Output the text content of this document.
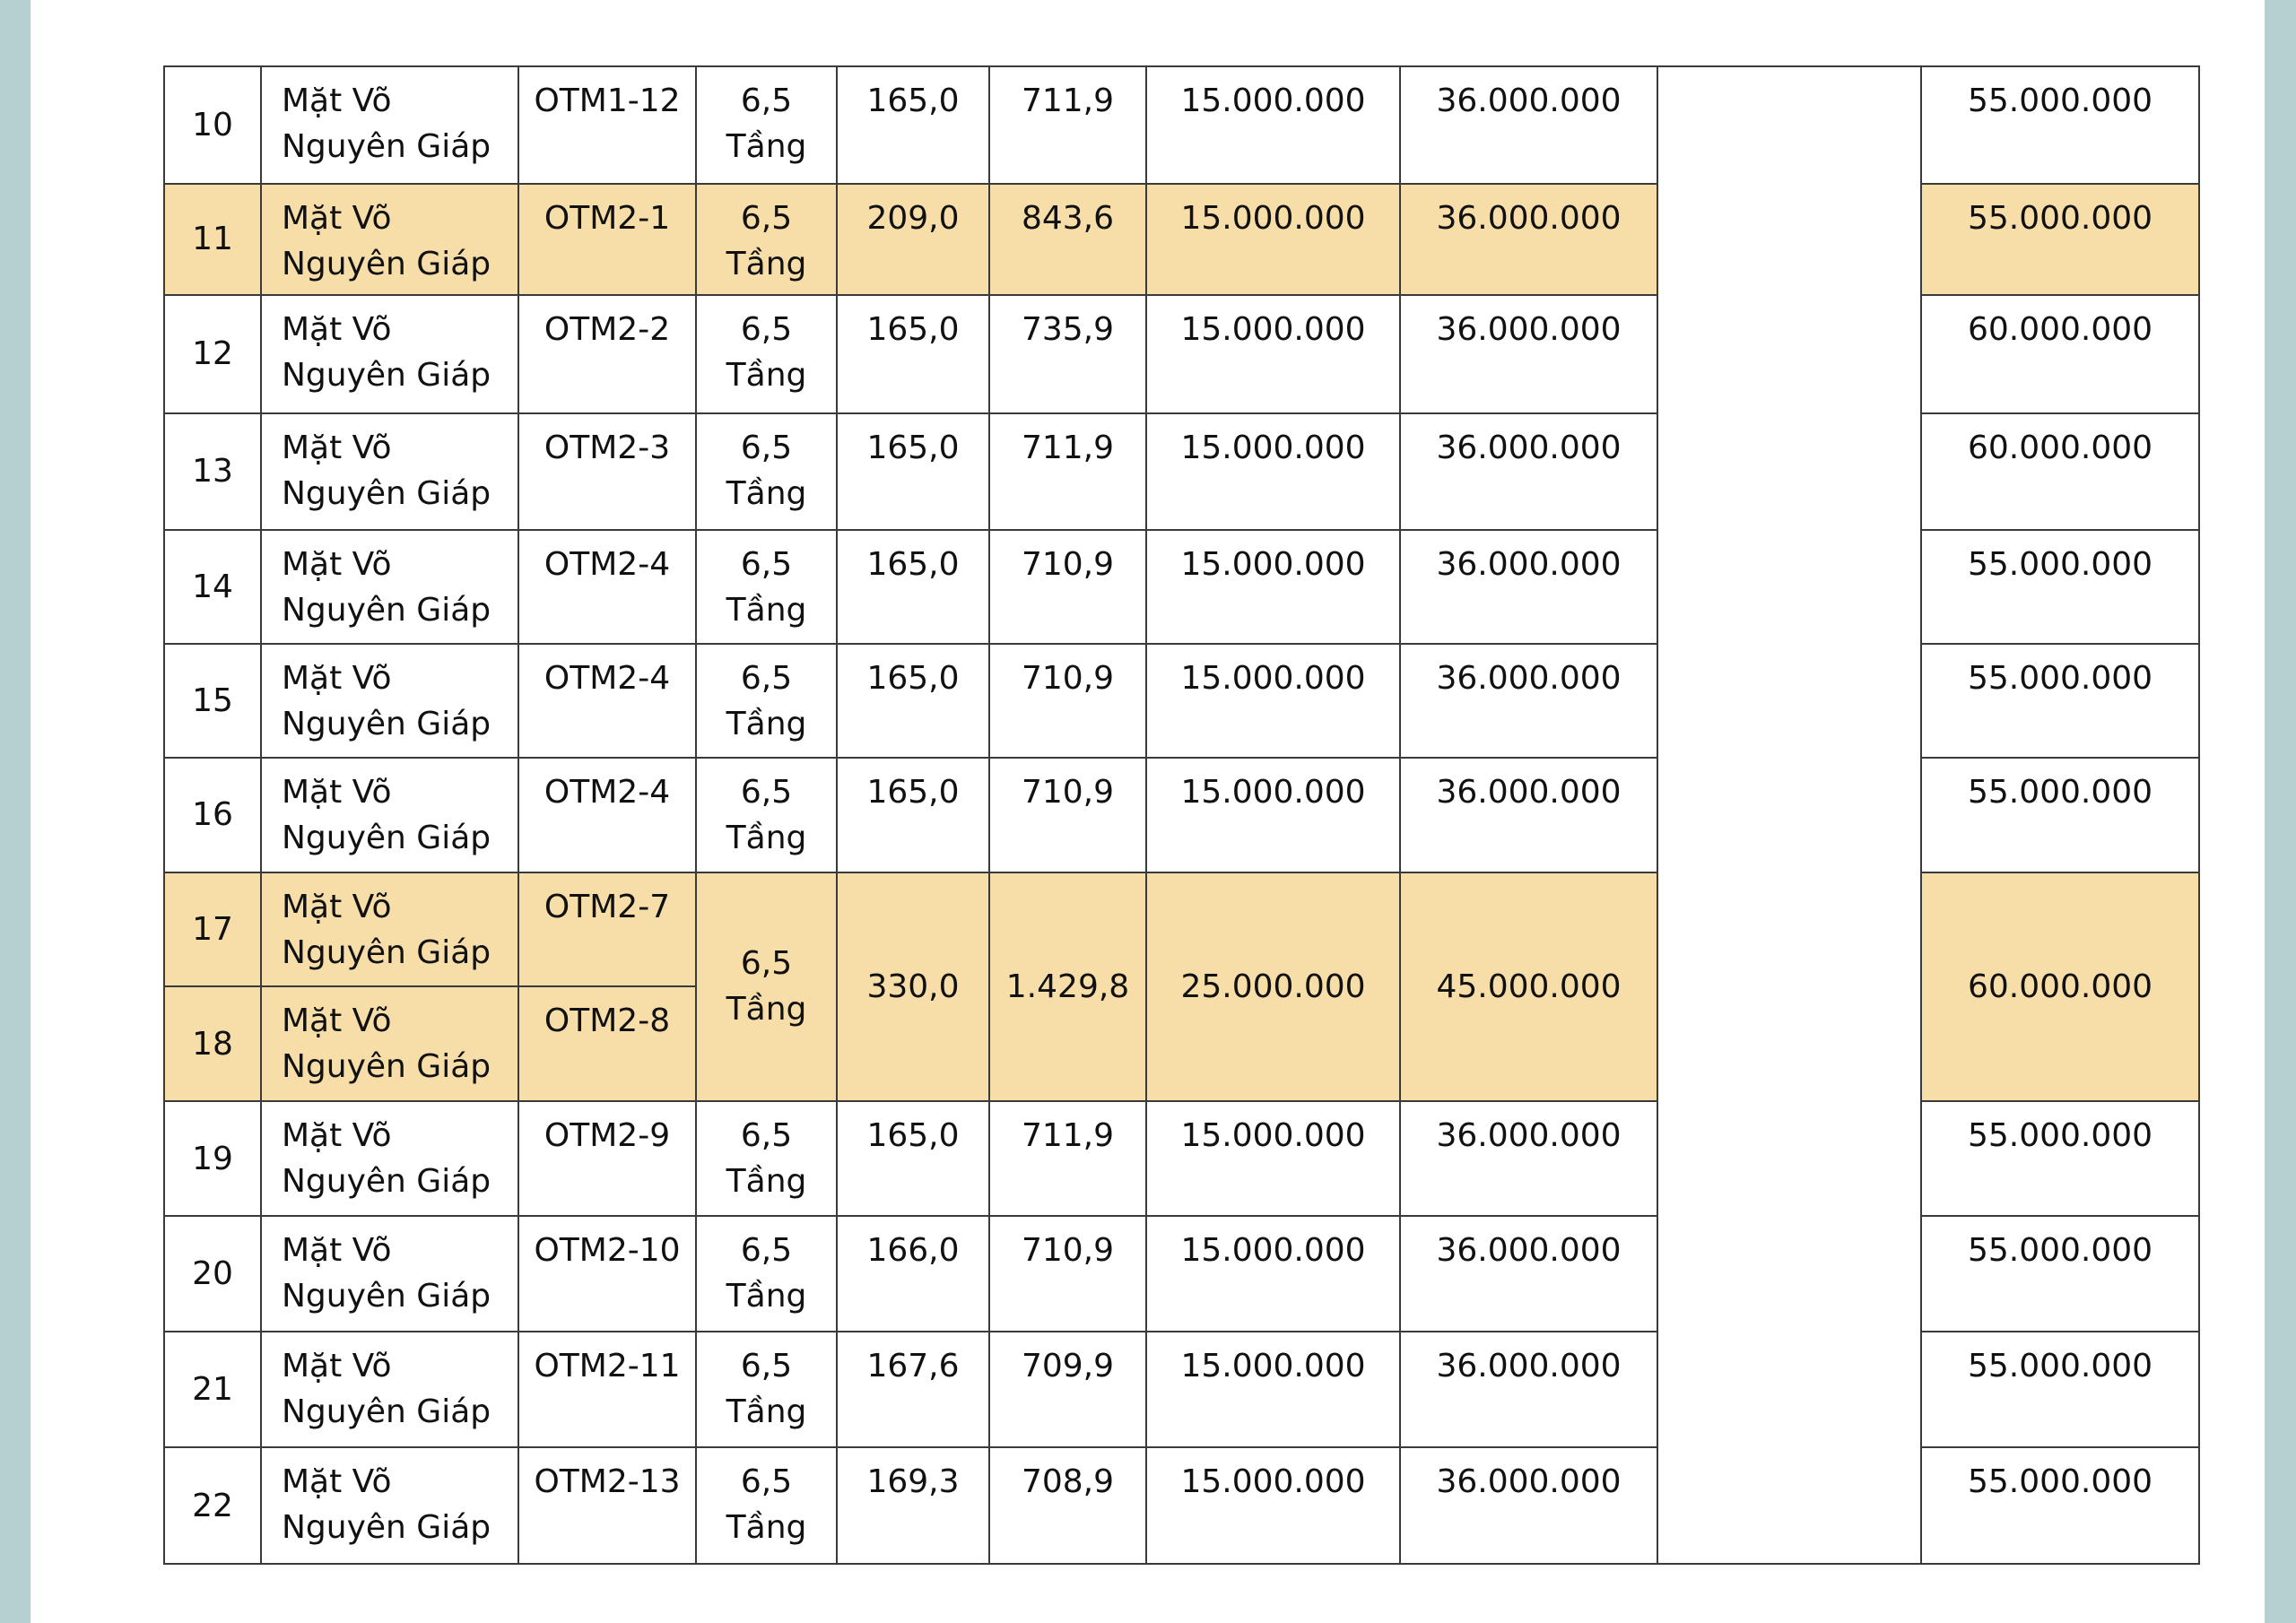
10	Mặt Võ
Nguyên Giáp	OTM1-12	6,5
Tầng	165,0	711,9	15.000.000	36.000.000		55.000.000
11	Mặt Võ
Nguyên Giáp	OTM2-1	6,5
Tầng	209,0	843,6	15.000.000	36.000.000		55.000.000
12	Mặt Võ
Nguyên Giáp	OTM2-2	6,5
Tầng	165,0	735,9	15.000.000	36.000.000		60.000.000
13	Mặt Võ
Nguyên Giáp	OTM2-3	6,5
Tầng	165,0	711,9	15.000.000	36.000.000		60.000.000
14	Mặt Võ
Nguyên Giáp	OTM2-4	6,5
Tầng	165,0	710,9	15.000.000	36.000.000		55.000.000
15	Mặt Võ
Nguyên Giáp	OTM2-4	6,5
Tầng	165,0	710,9	15.000.000	36.000.000		55.000.000
16	Mặt Võ
Nguyên Giáp	OTM2-4	6,5
Tầng	165,0	710,9	15.000.000	36.000.000		55.000.000
17	Mặt Võ
Nguyên Giáp	OTM2-7	6,5
Tầng	330,0	1.429,8	25.000.000	45.000.000		60.000.000
18	Mặt Võ
Nguyên Giáp	OTM2-8							
19	Mặt Võ
Nguyên Giáp	OTM2-9	6,5
Tầng	165,0	711,9	15.000.000	36.000.000		55.000.000
20	Mặt Võ
Nguyên Giáp	OTM2-10	6,5
Tầng	166,0	710,9	15.000.000	36.000.000		55.000.000
21	Mặt Võ
Nguyên Giáp	OTM2-11	6,5
Tầng	167,6	709,9	15.000.000	36.000.000		55.000.000
22	Mặt Võ
Nguyên Giáp	OTM2-13	6,5
Tầng	169,3	708,9	15.000.000	36.000.000		55.000.000
